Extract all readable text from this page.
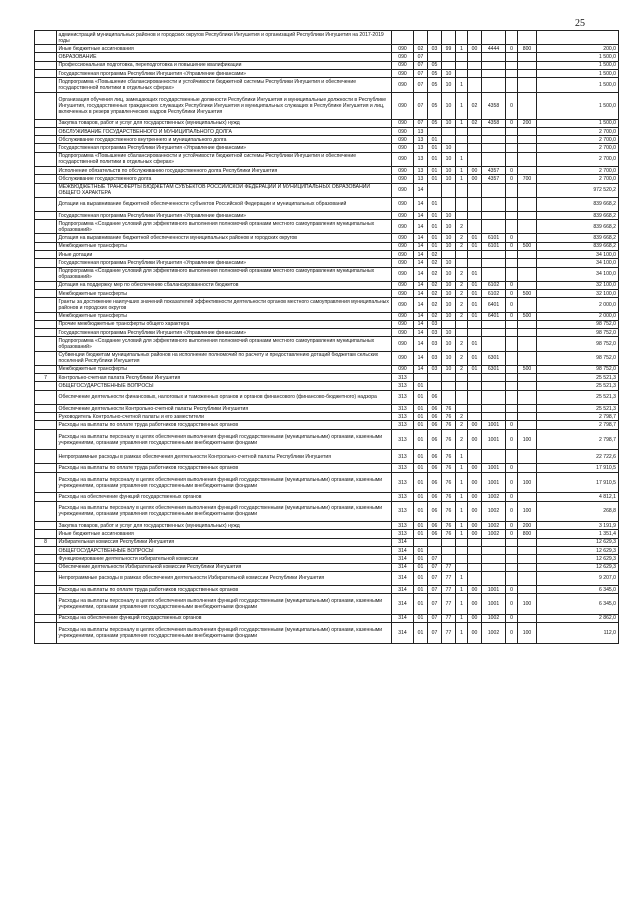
25
	администраций муниципальных районов и городских округов Республики Ингушетия и организаций Республики Ингушетия на 2017-2019 годы										
	Иные бюджетные ассигнования	090	02	03	99	1	00	4444	0	800	200,0
	ОБРАЗОВАНИЕ	090	07								1 500,0
	Профессиональная подготовка, переподготовка и повышение квалификации	090	07	05							1 500,0
	Государственная программа Республики Ингушетия «Управление финансами»	090	07	05	10						1 500,0
	Подпрограмма «Повышение сбалансированности и устойчивости бюджетной системы Республики Ингушетия и обеспечение государственной политики в отдельных сферах»	090	07	05	10	1					1 500,0
	Организация обучения лиц, замещающих государственные должности Республики Ингушетия и муниципальные должности в Республике Ингушетия, государственных гражданских служащих Республики Ингушетия и муниципальных служащих в Республике Ингушетия и лиц, включенных в резерв управленческих кадров Республики Ингушетия	090	07	05	10	1	02	4358	0		1 500,0
	Закупка товаров, работ и услуг для государственных (муниципальных) нужд	090	07	05	10	1	02	4358	0	200	1 500,0
	ОБСЛУЖИВАНИЕ ГОСУДАРСТВЕННОГО И МУНИЦИПАЛЬНОГО ДОЛГА	090	13								2 700,0
	Обслуживание государственного внутреннего и муниципального долга	090	13	01							2 700,0
	Государственная программа Республики Ингушетия «Управление финансами»	090	13	01	10						2 700,0
	Подпрограмма «Повышение сбалансированности и устойчивости бюджетной системы Республики Ингушетия и обеспечение государственной политики в отдельных сферах»	090	13	01	10	1					2 700,0
	Исполнение обязательств по обслуживанию государственного долга Республики Ингушетия	090	13	01	10	1	00	4357	0		2 700,0
	Обслуживание государственного долга	090	13	01	10	1	00	4357	0	700	2 700,0
	МЕЖБЮДЖЕТНЫЕ ТРАНСФЕРТЫ БЮДЖЕТАМ СУБЪЕКТОВ РОССИЙСКОЙ ФЕДЕРАЦИИ И МУНИЦИПАЛЬНЫХ ОБРАЗОВАНИЙ ОБЩЕГО ХАРАКТЕРА	090	14								972 520,2
	Дотации на выравнивание бюджетной обеспеченности субъектов Российской Федерации и муниципальных образований	090	14	01							839 668,2
	Государственная программа Республики Ингушетия «Управление финансами»	090	14	01	10						839 668,2
	Подпрограмма «Создание условий для эффективного выполнения полномочий органами местного самоуправления муниципальных образований»	090	14	01	10	2					839 668,2
	Дотация на выравнивание бюджетной обеспеченности муниципальных районов и городских округов	090	14	01	10	2	01	6101	0		839 668,2
	Межбюджетные трансферты	090	14	01	10	2	01	6101	0	500	839 668,2
	Иные дотации	090	14	02							34 100,0
	Государственная программа Республики Ингушетия «Управление финансами»	090	14	02	10						34 100,0
	Подпрограмма «Создание условий для эффективного выполнения полномочий органами местного самоуправления муниципальных образований»	090	14	02	10	2	01				34 100,0
	Дотация на поддержку мер по обеспечению сбалансированности бюджетов	090	14	02	10	2	01	6102	0		32 100,0
	Межбюджетные трансферты	090	14	02	10	2	01	6102	0	500	32 100,0
	Гранты за достижение наилучших значений показателей эффективности деятельности органов местного самоуправления муниципальных районов и городских округов	090	14	02	10	2	01	6401	0		2 000,0
	Межбюджетные трансферты	090	14	02	10	2	01	6401	0	500	2 000,0
	Прочие межбюджетные трансферты общего характера	090	14	03							98 752,0
	Государственная программа Республики Ингушетия «Управление финансами»	090	14	03	10						98 752,0
	Подпрограмма «Создание условий для эффективного выполнения полномочий органами местного самоуправления муниципальных образований»	090	14	03	10	2	01				98 752,0
	Субвенции бюджетам муниципальных районов на исполнение полномочий по расчету и предоставлению дотаций бюджетам сельских поселений Республики Ингушетия	090	14	03	10	2	01	6301			98 752,0
	Межбюджетные трансферты	090	14	03	10	2	01	6301		500	98 752,0
7	Контрольно-счетная палата Республики Ингушетия	313									25 521,3
	ОБЩЕГОСУДАРСТВЕННЫЕ ВОПРОСЫ	313	01								25 521,3
	Обеспечение деятельности финансовых, налоговых и таможенных органов и органов финансового (финансово-бюджетного) надзора	313	01	06							25 521,3
	Обеспечение деятельности Контрольно-счетной палаты Республики Ингушетия	313	01	06	76						25 521,3
	Руководитель Контрольно-счетной палаты и его заместители	313	01	06	76	2					2 798,7
	Расходы на выплаты по оплате труда работников государственных органов	313	01	06	76	2	00	1001	0		2 798,7
	Расходы на выплаты персоналу в целях обеспечения выполнения функций государственными (муниципальными) органами, казенными учреждениями, органами управления государственными внебюджетными фондами	313	01	06	76	2	00	1001	0	100	2 798,7
	Непрограммные расходы в рамках обеспечения деятельности Контрольно-счетной палаты Республики Ингушетия	313	01	06	76	1					22 722,6
	Расходы на выплаты по оплате труда работников государственных органов	313	01	06	76	1	00	1001	0		17 910,5
	Расходы на выплаты персоналу в целях обеспечения выполнения функций государственными (муниципальными) органами, казенными учреждениями, органами управления государственными внебюджетными фондами	313	01	06	76	1	00	1001	0	100	17 910,5
	Расходы на обеспечение функций государственных органов	313	01	06	76	1	00	1002	0		4 812,1
	Расходы на выплаты персоналу в целях обеспечения выполнения функций государственными (муниципальными) органами, казенными учреждениями, органами управления государственными внебюджетными фондами	313	01	06	76	1	00	1002	0	100	268,8
	Закупка товаров, работ и услуг для государственных (муниципальных) нужд	313	01	06	76	1	00	1002	0	200	3 191,9
	Иные бюджетные ассигнования	313	01	06	76	1	00	1002	0	800	1 351,4
8	Избирательная комиссия Республики Ингушетия	314									12 629,3
	ОБЩЕГОСУДАРСТВЕННЫЕ ВОПРОСЫ	314	01								12 629,3
	Функционирование деятельности избирательной комиссии	314	01	07							12 629,3
	Обеспечение деятельности Избирательной комиссии Республики Ингушетия	314	01	07	77						12 629,3
	Непрограммные расходы в рамках обеспечения деятельности Избирательной комиссии Республики Ингушетия	314	01	07	77	1					9 207,0
	Расходы на выплаты по оплате труда работников государственных органов	314	01	07	77	1	00	1001	0		6 345,0
	Расходы на выплаты персоналу в целях обеспечения выполнения функций государственными (муниципальными) органами, казенными учреждениями, органами управления государственными внебюджетными фондами	314	01	07	77	1	00	1001	0	100	6 345,0
	Расходы на обеспечение функций государственных органов	314	01	07	77	1	00	1002	0		2 862,0
	Расходы на выплаты персоналу в целях обеспечения выполнения функций государственными (муниципальными) органами, казенными учреждениями, органами управления государственными внебюджетными фондами	314	01	07	77	1	00	1002	0	100	112,0
